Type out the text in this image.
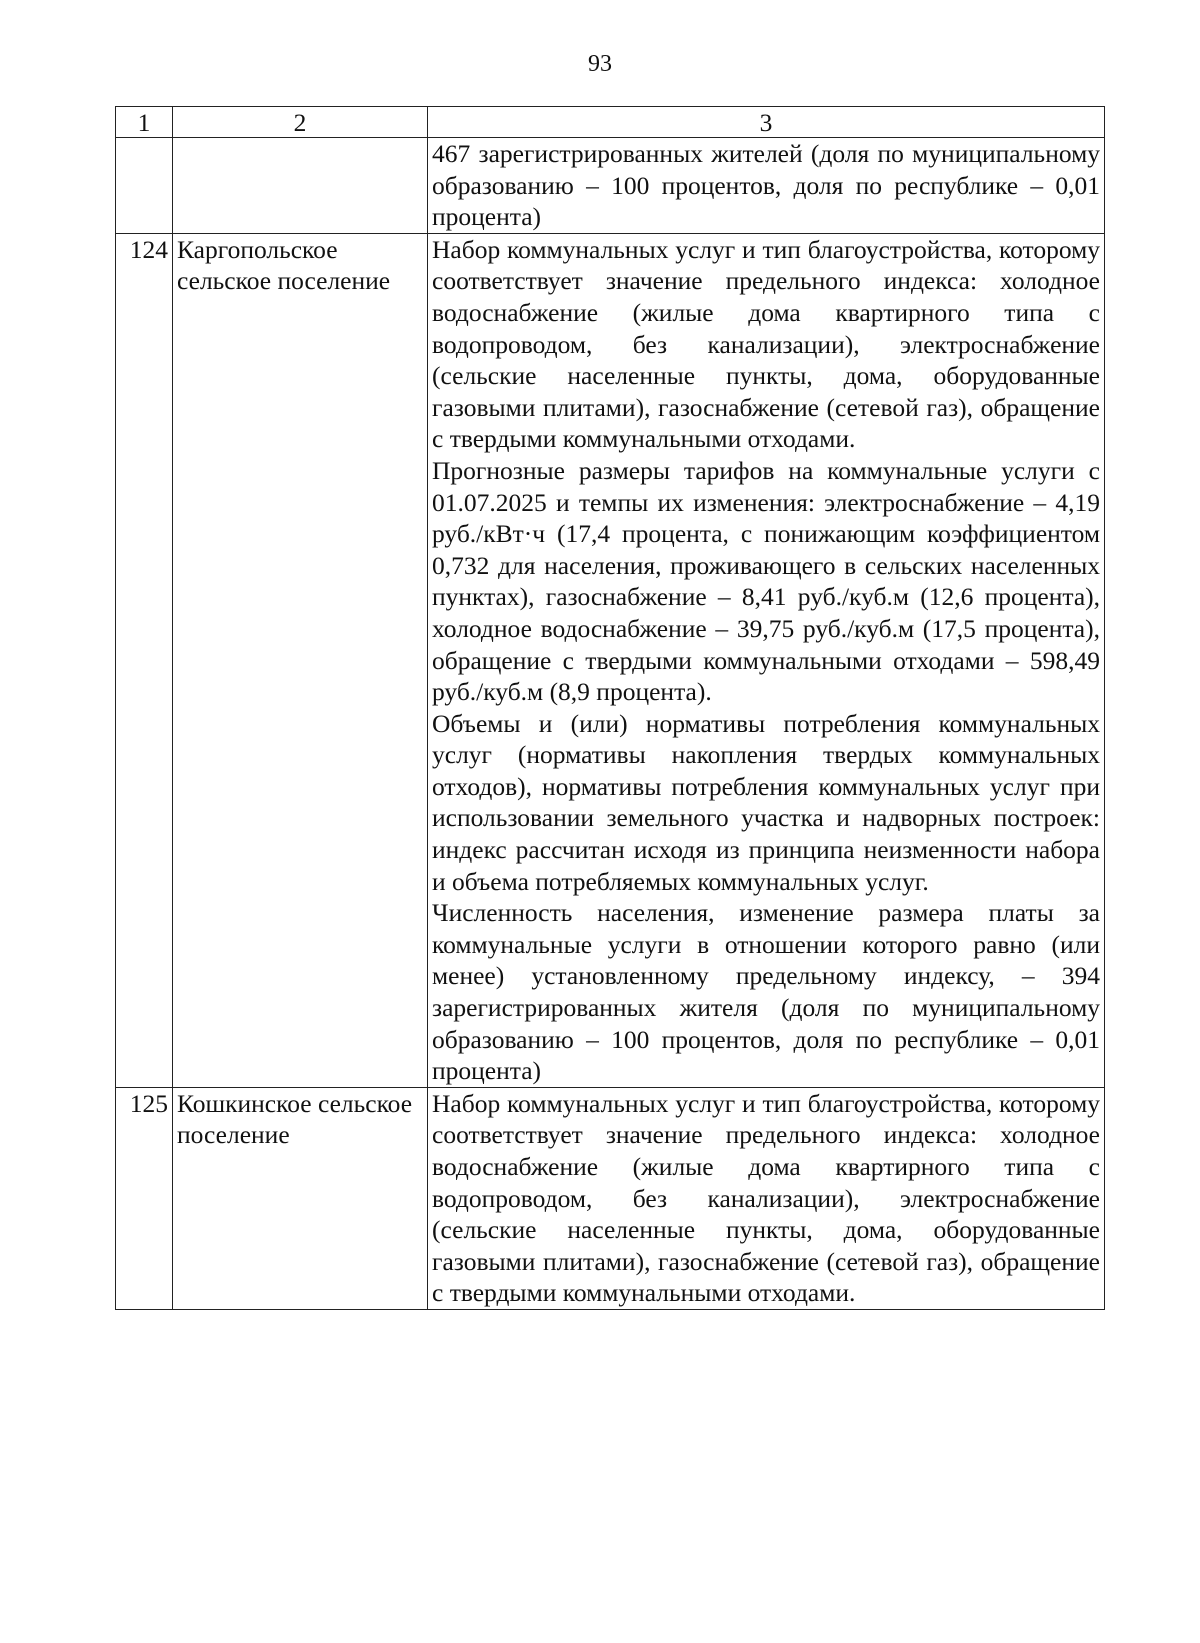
93
1	2	3

		467 зарегистрированных жителей (доля по муниципальному образованию – 100 процентов, доля по республике – 0,01 процента)

124	Каргопольское сельское поселение	Набор коммунальных услуг и тип благоустройства, которому соответствует значение предельного индекса: холодное водоснабжение (жилые дома квартирного типа с водопроводом, без канализации), электроснабжение (сельские населенные пункты, дома, оборудованные газовыми плитами), газоснабжение (сетевой газ), обращение с твердыми коммунальными отходами.
Прогнозные размеры тарифов на коммунальные услуги с 01.07.2025 и темпы их изменения: электроснабжение – 4,19 руб./кВт·ч (17,4 процента, с понижающим коэффициентом 0,732 для населения, проживающего в сельских населенных пунктах), газоснабжение – 8,41 руб./куб.м (12,6 процента), холодное водоснабжение – 39,75 руб./куб.м (17,5 процента), обращение с твердыми коммунальными отходами – 598,49 руб./куб.м (8,9 процента).
Объемы и (или) нормативы потребления коммунальных услуг (нормативы накопления твердых коммунальных отходов), нормативы потребления коммунальных услуг при использовании земельного участка и надворных построек: индекс рассчитан исходя из принципа неизменности набора и объема потребляемых коммунальных услуг.
Численность населения, изменение размера платы за коммунальные услуги в отношении которого равно (или менее) установленному предельному индексу, – 394 зарегистрированных жителя (доля по муниципальному образованию – 100 процентов, доля по республике – 0,01 процента)

125	Кошкинское сельское поселение	Набор коммунальных услуг и тип благоустройства, которому соответствует значение предельного индекса: холодное водоснабжение (жилые дома квартирного типа с водопроводом, без канализации), электроснабжение (сельские населенные пункты, дома, оборудованные газовыми плитами), газоснабжение (сетевой газ), обращение с твердыми коммунальными отходами.
